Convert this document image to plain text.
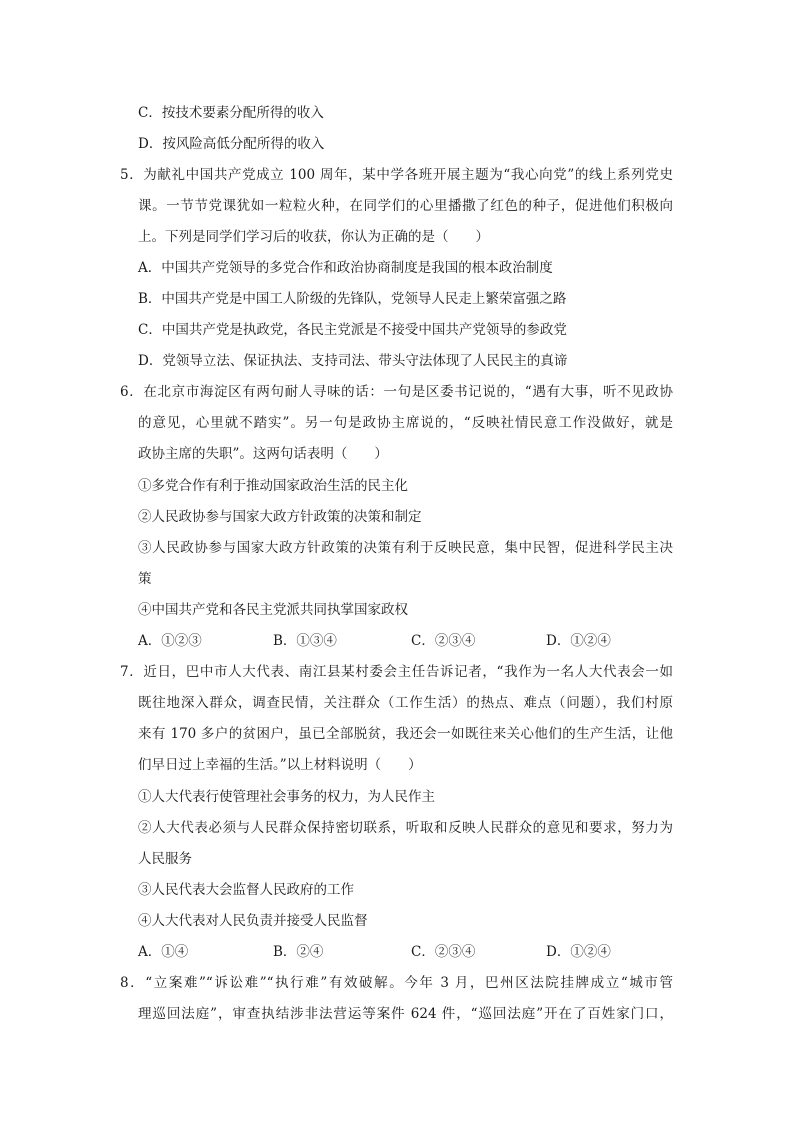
C．按技术要素分配所得的收入
D．按风险高低分配所得的收入
5．为献礼中国共产党成立 100 周年，某中学各班开展主题为“我心向党”的线上系列党史
课。一节节党课犹如一粒粒火种，在同学们的心里播撒了红色的种子，促进他们积极向
上。下列是同学们学习后的收获，你认为正确的是（　　）
A．中国共产党领导的多党合作和政治协商制度是我国的根本政治制度
B．中国共产党是中国工人阶级的先锋队，党领导人民走上繁荣富强之路
C．中国共产党是执政党，各民主党派是不接受中国共产党领导的参政党
D．党领导立法、保证执法、支持司法、带头守法体现了人民民主的真谛
6．在北京市海淀区有两句耐人寻味的话：一句是区委书记说的，“遇有大事，听不见政协
的意见，心里就不踏实”。另一句是政协主席说的，“反映社情民意工作没做好，就是
政协主席的失职”。这两句话表明（　　）
①多党合作有利于推动国家政治生活的民主化
②人民政协参与国家大政方针政策的决策和制定
③人民政协参与国家大政方针政策的决策有利于反映民意，集中民智，促进科学民主决
策
④中国共产党和各民主党派共同执掌国家政权
A．①②③	B．①③④	C．②③④	D．①②④
7．近日，巴中市人大代表、南江县某村委会主任告诉记者，“我作为一名人大代表会一如
既往地深入群众，调查民情，关注群众（工作生活）的热点、难点（问题），我们村原
来有 170 多户的贫困户，虽已全部脱贫，我还会一如既往来关心他们的生产生活，让他
们早日过上幸福的生活。”以上材料说明（　　）
①人大代表行使管理社会事务的权力，为人民作主
②人大代表必须与人民群众保持密切联系，听取和反映人民群众的意见和要求，努力为
人民服务
③人民代表大会监督人民政府的工作
④人大代表对人民负责并接受人民监督
A．①④	B．②④	C．②③④	D．①②④
8．“立案难”“诉讼难”“执行难”有效破解。今年 3 月，巴州区法院挂牌成立“城市管
理巡回法庭”，审查执结涉非法营运等案件 624 件，“巡回法庭”开在了百姓家门口，
